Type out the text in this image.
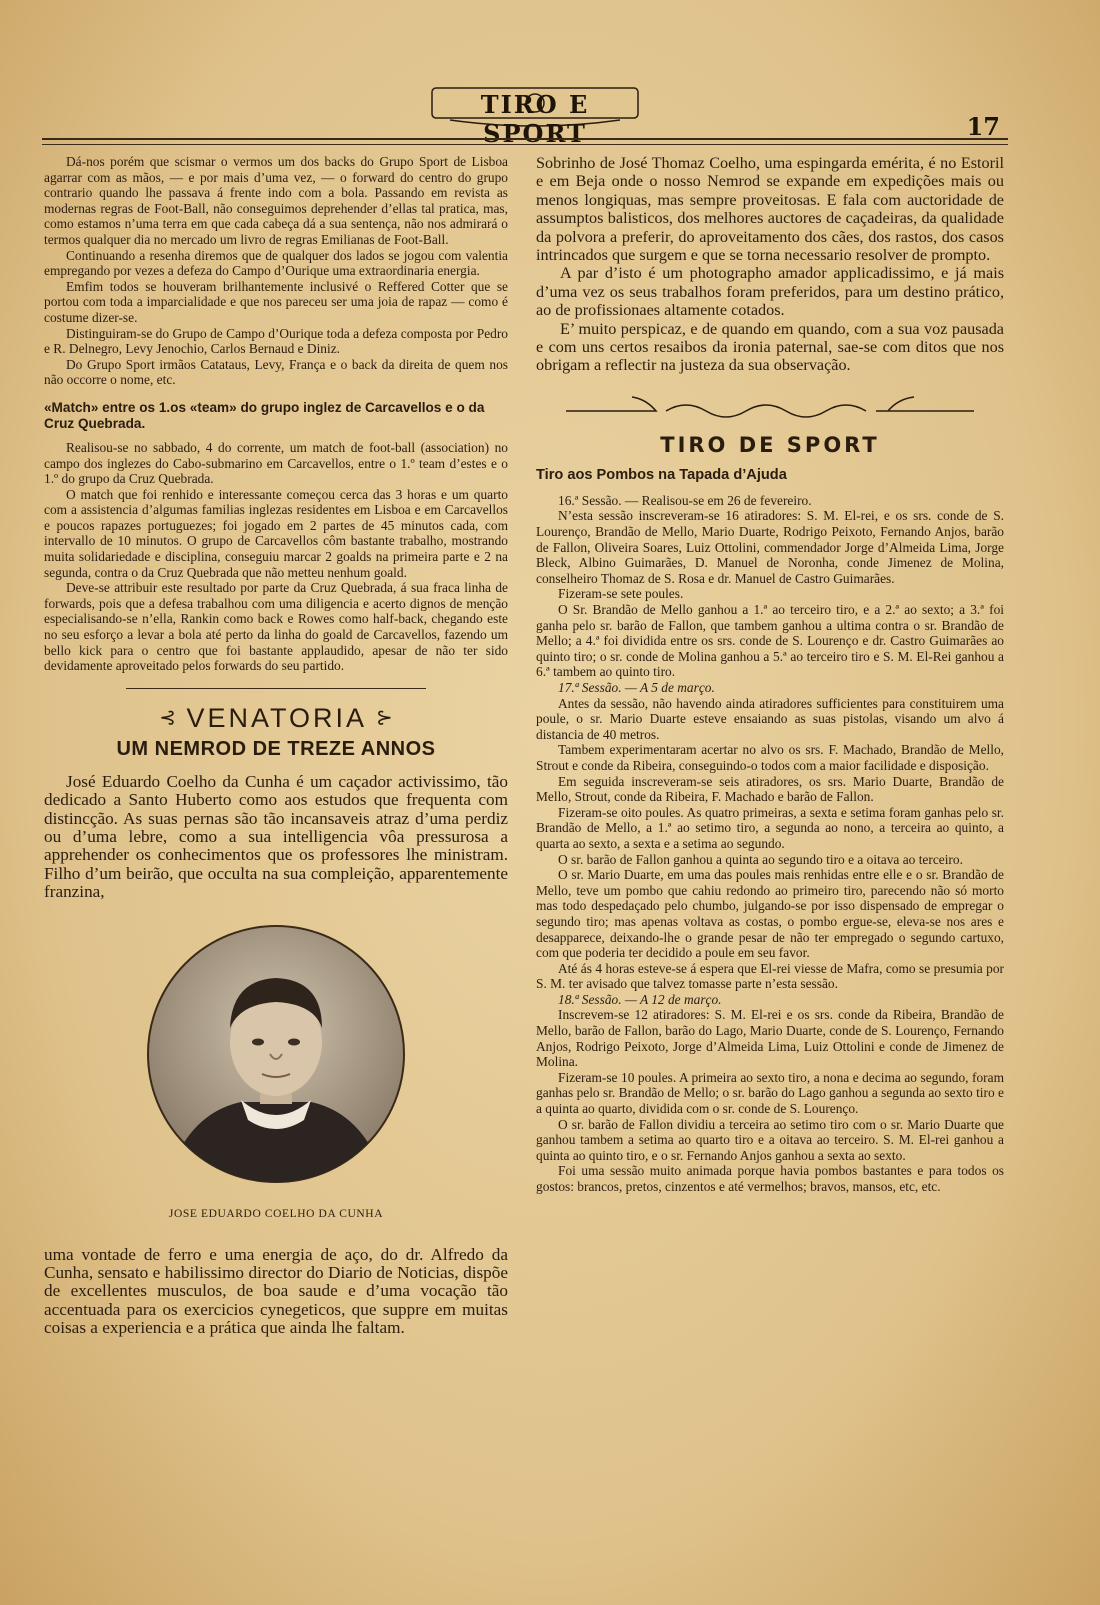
TIRO E SPORT	17

Dá-nos porém que scismar o vermos um dos backs do Grupo Sport de Lisboa agarrar com as mãos, — e por mais d’uma vez, — o forward do centro do grupo contrario quando lhe passava á frente indo com a bola. Passando em revista as modernas regras de Foot-Ball, não conseguimos deprehender d’ellas tal pratica, mas, como estamos n’uma terra em que cada cabeça dá a sua sentença, não nos admirará o termos qualquer dia no mercado um livro de regras Emilianas de Foot-Ball.

Continuando a resenha diremos que de qualquer dos lados se jogou com valentia empregando por vezes a defeza do Campo d’Ourique uma extraordinaria energia.

Emfim todos se houveram brilhantemente inclusivé o Reffered Cotter que se portou com toda a imparcialidade e que nos pareceu ser uma joia de rapaz — como é costume dizer-se.

Distinguiram-se do Grupo de Campo d’Ourique toda a defeza composta por Pedro e R. Delnegro, Levy Jenochio, Carlos Bernaud e Diniz.

Do Grupo Sport irmãos Catataus, Levy, França e o back da direita de quem nos não occorre o nome, etc.

«Match» entre os 1.os «team» do grupo inglez de Carcavellos e o da Cruz Quebrada.

Realisou-se no sabbado, 4 do corrente, um match de foot-ball (association) no campo dos inglezes do Cabo-submarino em Carcavellos, entre o 1.º team d’estes e o 1.º do grupo da Cruz Quebrada.

O match que foi renhido e interessante começou cerca das 3 horas e um quarto com a assistencia d’algumas familias inglezas residentes em Lisboa e em Carcavellos e poucos rapazes portuguezes; foi jogado em 2 partes de 45 minutos cada, com intervallo de 10 minutos. O grupo de Carcavellos côm bastante trabalho, mostrando muita solidariedade e disciplina, conseguiu marcar 2 goalds na primeira parte e 2 na segunda, contra o da Cruz Quebrada que não metteu nenhum goald.

Deve-se attribuir este resultado por parte da Cruz Quebrada, á sua fraca linha de forwards, pois que a defesa trabalhou com uma diligencia e acerto dignos de menção especialisando-se n’ella, Rankin como back e Rowes como half-back, chegando este no seu esforço a levar a bola até perto da linha do goald de Carcavellos, fazendo um bello kick para o centro que foi bastante applaudido, apesar de não ter sido devidamente aproveitado pelos forwards do seu partido.

⊰ VENATORIA ⊱
UM NEMROD DE TREZE ANNOS

José Eduardo Coelho da Cunha é um caçador activissimo, tão dedicado a Santo Huberto como aos estudos que frequenta com distincção. As suas pernas são tão incansaveis atraz d’uma perdiz ou d’uma lebre, como a sua intelligencia vôa pressurosa a apprehender os conhecimentos que os professores lhe ministram. Filho d’um beirão, que occulta na sua compleição, apparentemente franzina,

JOSE EDUARDO COELHO DA CUNHA

uma vontade de ferro e uma energia de aço, do dr. Alfredo da Cunha, sensato e habilissimo director do Diario de Noticias, dispõe de excellentes musculos, de boa saude e d’uma vocação tão accentuada para os exercicios cynegeticos, que suppre em muitas coisas a experiencia e a prática que ainda lhe faltam.

Sobrinho de José Thomaz Coelho, uma espingarda emérita, é no Estoril e em Beja onde o nosso Nemrod se expande em expedições mais ou menos longiquas, mas sempre proveitosas. E fala com auctoridade de assumptos balisticos, dos melhores auctores de caçadeiras, da qualidade da polvora a preferir, do aproveitamento dos cães, dos rastos, dos casos intrincados que surgem e que se torna necessario resolver de prompto.

A par d’isto é um photographo amador applicadissimo, e já mais d’uma vez os seus trabalhos foram preferidos, para um destino prático, ao de profissionaes altamente cotados.

E’ muito perspicaz, e de quando em quando, com a sua voz pausada e com uns certos resaibos da ironia paternal, sae-se com ditos que nos obrigam a reflectir na justeza da sua observação.

TIRO DE SPORT
Tiro aos Pombos na Tapada d’Ajuda

16.ª Sessão. — Realisou-se em 26 de fevereiro.

N’esta sessão inscreveram-se 16 atiradores: S. M. El-rei, e os srs. conde de S. Lourenço, Brandão de Mello, Mario Duarte, Rodrigo Peixoto, Fernando Anjos, barão de Fallon, Oliveira Soares, Luiz Ottolini, commendador Jorge d’Almeida Lima, Jorge Bleck, Albino Guimarães, D. Manuel de Noronha, conde Jimenez de Molina, conselheiro Thomaz de S. Rosa e dr. Manuel de Castro Guimarães.

Fizeram-se sete poules.

O Sr. Brandão de Mello ganhou a 1.ª ao terceiro tiro, e a 2.ª ao sexto; a 3.ª foi ganha pelo sr. barão de Fallon, que tambem ganhou a ultima contra o sr. Brandão de Mello; a 4.ª foi dividida entre os srs. conde de S. Lourenço e dr. Castro Guimarães ao quinto tiro; o sr. conde de Molina ganhou a 5.ª ao terceiro tiro e S. M. El-Rei ganhou a 6.ª tambem ao quinto tiro.

17.ª Sessão. — A 5 de março.

Antes da sessão, não havendo ainda atiradores sufficientes para constituirem uma poule, o sr. Mario Duarte esteve ensaiando as suas pistolas, visando um alvo á distancia de 40 metros.

Tambem experimentaram acertar no alvo os srs. F. Machado, Brandão de Mello, Strout e conde da Ribeira, conseguindo-o todos com a maior facilidade e disposição.

Em seguida inscreveram-se seis atiradores, os srs. Mario Duarte, Brandão de Mello, Strout, conde da Ribeira, F. Machado e barão de Fallon.

Fizeram-se oito poules. As quatro primeiras, a sexta e setima foram ganhas pelo sr. Brandão de Mello, a 1.ª ao setimo tiro, a segunda ao nono, a terceira ao quinto, a quarta ao sexto, a sexta e a setima ao segundo.

O sr. barão de Fallon ganhou a quinta ao segundo tiro e a oitava ao terceiro.

O sr. Mario Duarte, em uma das poules mais renhidas entre elle e o sr. Brandão de Mello, teve um pombo que cahiu redondo ao primeiro tiro, parecendo não só morto mas todo despedaçado pelo chumbo, julgando-se por isso dispensado de empregar o segundo tiro; mas apenas voltava as costas, o pombo ergue-se, eleva-se nos ares e desapparece, deixando-lhe o grande pesar de não ter empregado o segundo cartuxo, com que poderia ter decidido a poule em seu favor.

Até ás 4 horas esteve-se á espera que El-rei viesse de Mafra, como se presumia por S. M. ter avisado que talvez tomasse parte n’esta sessão.

18.ª Sessão. — A 12 de março.

Inscrevem-se 12 atiradores: S. M. El-rei e os srs. conde da Ribeira, Brandão de Mello, barão de Fallon, barão do Lago, Mario Duarte, conde de S. Lourenço, Fernando Anjos, Rodrigo Peixoto, Jorge d’Almeida Lima, Luiz Ottolini e conde de Jimenez de Molina.

Fizeram-se 10 poules. A primeira ao sexto tiro, a nona e decima ao segundo, foram ganhas pelo sr. Brandão de Mello; o sr. barão do Lago ganhou a segunda ao sexto tiro e a quinta ao quarto, dividida com o sr. conde de S. Lourenço.

O sr. barão de Fallon dividiu a terceira ao setimo tiro com o sr. Mario Duarte que ganhou tambem a setima ao quarto tiro e a oitava ao terceiro. S. M. El-rei ganhou a quinta ao quinto tiro, e o sr. Fernando Anjos ganhou a sexta ao sexto.

Foi uma sessão muito animada porque havia pombos bastantes e para todos os gostos: brancos, pretos, cinzentos e até vermelhos; bravos, mansos, etc, etc.
